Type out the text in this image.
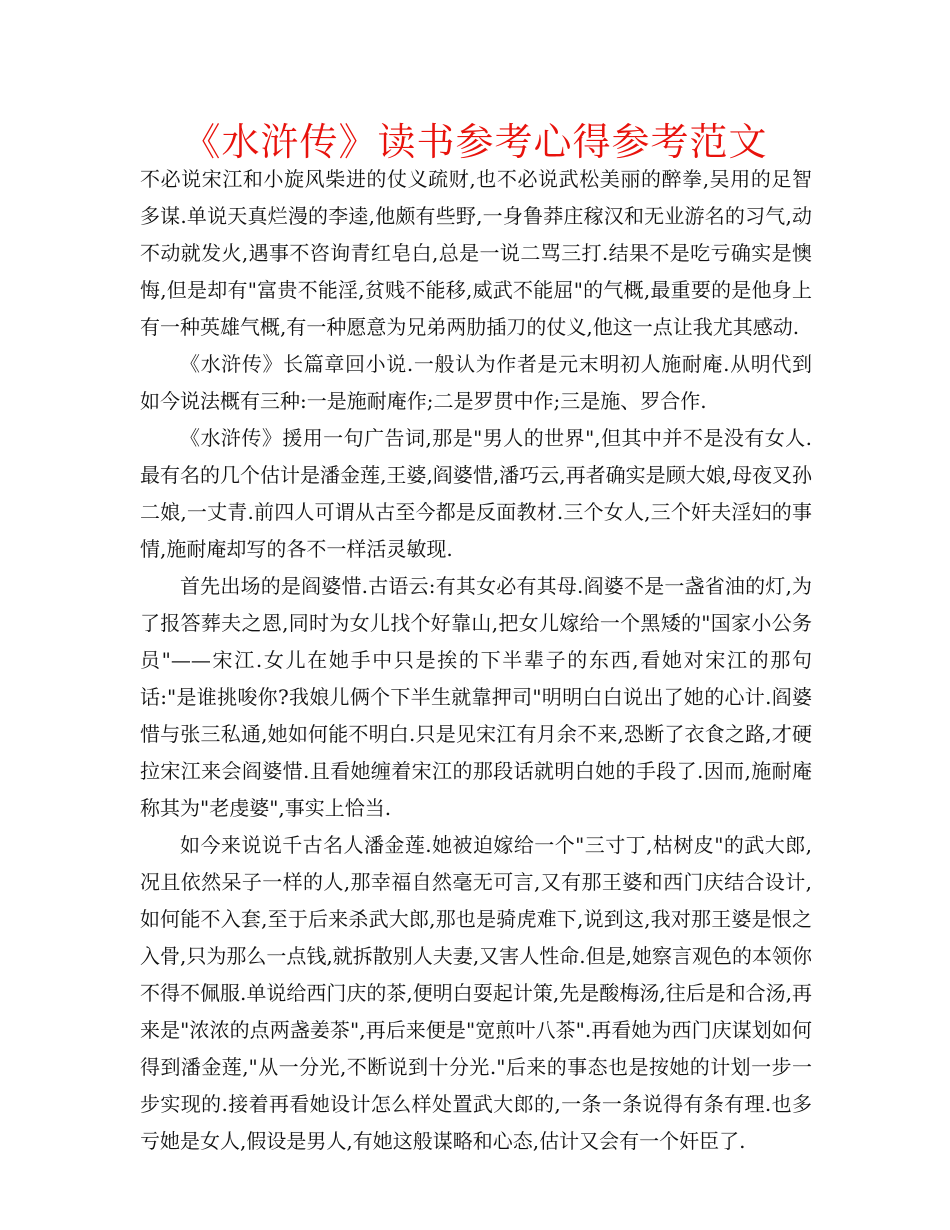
《水浒传》读书参考心得参考范文

不必说宋江和小旋风柴进的仗义疏财,也不必说武松美丽的醉拳,吴用的足智多谋.单说天真烂漫的李逵,他颇有些野,一身鲁莽庄稼汉和无业游名的习气,动不动就发火,遇事不咨询青红皂白,总是一说二骂三打.结果不是吃亏确实是懊悔,但是却有"富贵不能淫,贫贱不能移,威武不能屈"的气概,最重要的是他身上有一种英雄气概,有一种愿意为兄弟两肋插刀的仗义,他这一点让我尤其感动.

《水浒传》长篇章回小说.一般认为作者是元末明初人施耐庵.从明代到如今说法概有三种:一是施耐庵作;二是罗贯中作;三是施、罗合作.

《水浒传》援用一句广告词,那是"男人的世界",但其中并不是没有女人.最有名的几个估计是潘金莲,王婆,阎婆惜,潘巧云,再者确实是顾大娘,母夜叉孙二娘,一丈青.前四人可谓从古至今都是反面教材.三个女人,三个奸夫淫妇的事情,施耐庵却写的各不一样活灵敏现.

首先出场的是阎婆惜.古语云:有其女必有其母.阎婆不是一盏省油的灯,为了报答葬夫之恩,同时为女儿找个好靠山,把女儿嫁给一个黑矮的"国家小公务员"——宋江.女儿在她手中只是挨的下半辈子的东西,看她对宋江的那句话:"是谁挑唆你?我娘儿俩个下半生就靠押司"明明白白说出了她的心计.阎婆惜与张三私通,她如何能不明白.只是见宋江有月余不来,恐断了衣食之路,才硬拉宋江来会阎婆惜.且看她缠着宋江的那段话就明白她的手段了.因而,施耐庵称其为"老虔婆",事实上恰当.

如今来说说千古名人潘金莲.她被迫嫁给一个"三寸丁,枯树皮"的武大郎,况且依然呆子一样的人,那幸福自然毫无可言,又有那王婆和西门庆结合设计,如何能不入套,至于后来杀武大郎,那也是骑虎难下,说到这,我对那王婆是恨之入骨,只为那么一点钱,就拆散别人夫妻,又害人性命.但是,她察言观色的本领你不得不佩服.单说给西门庆的茶,便明白耍起计策,先是酸梅汤,往后是和合汤,再来是"浓浓的点两盏姜茶",再后来便是"宽煎叶八茶".再看她为西门庆谋划如何得到潘金莲,"从一分光,不断说到十分光."后来的事态也是按她的计划一步一步实现的.接着再看她设计怎么样处置武大郎的,一条一条说得有条有理.也多亏她是女人,假设是男人,有她这般谋略和心态,估计又会有一个奸臣了.
